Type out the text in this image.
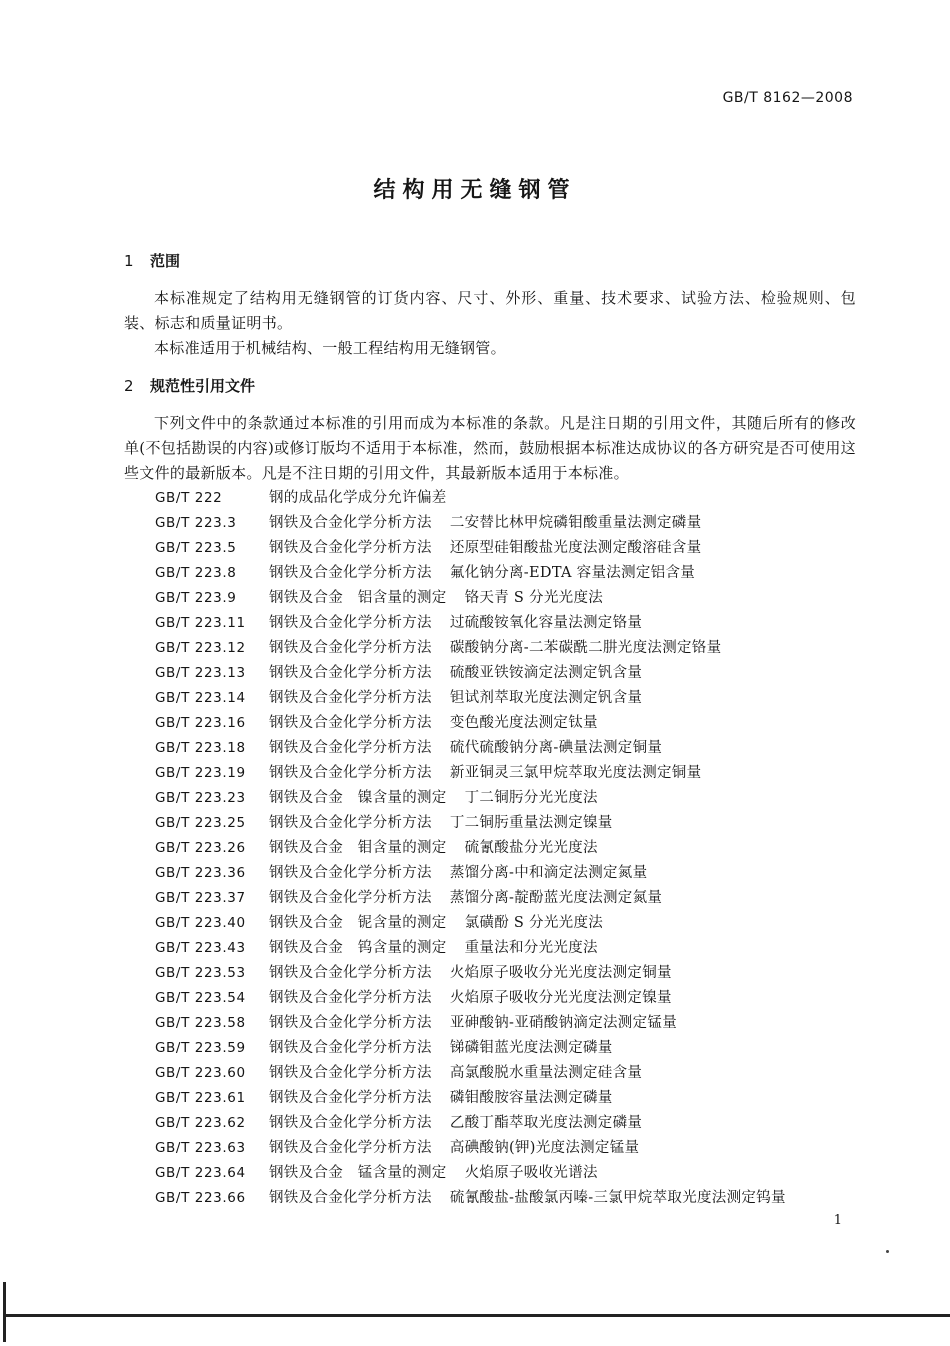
GB/T 8162—2008
结构用无缝钢管
1 范围
本标准规定了结构用无缝钢管的订货内容、尺寸、外形、重量、技术要求、试验方法、检验规则、包装、标志和质量证明书。
本标准适用于机械结构、一般工程结构用无缝钢管。
2 规范性引用文件
下列文件中的条款通过本标准的引用而成为本标准的条款。凡是注日期的引用文件，其随后所有的修改单(不包括勘误的内容)或修订版均不适用于本标准，然而，鼓励根据本标准达成协议的各方研究是否可使用这些文件的最新版本。凡是不注日期的引用文件，其最新版本适用于本标准。
GB/T 222	钢的成品化学成分允许偏差
GB/T 223.3 钢铁及合金化学分析方法 二安替比林甲烷磷钼酸重量法测定磷量
GB/T 223.5 钢铁及合金化学分析方法 还原型硅钼酸盐光度法测定酸溶硅含量
GB/T 223.8 钢铁及合金化学分析方法 氟化钠分离-EDTA 容量法测定铝含量
GB/T 223.9 钢铁及合金　铝含量的测定 铬天青 S 分光光度法
GB/T 223.11 钢铁及合金化学分析方法 过硫酸铵氧化容量法测定铬量
GB/T 223.12 钢铁及合金化学分析方法 碳酸钠分离-二苯碳酰二肼光度法测定铬量
GB/T 223.13 钢铁及合金化学分析方法 硫酸亚铁铵滴定法测定钒含量
GB/T 223.14 钢铁及合金化学分析方法 钽试剂萃取光度法测定钒含量
GB/T 223.16 钢铁及合金化学分析方法 变色酸光度法测定钛量
GB/T 223.18 钢铁及合金化学分析方法 硫代硫酸钠分离-碘量法测定铜量
GB/T 223.19 钢铁及合金化学分析方法 新亚铜灵三氯甲烷萃取光度法测定铜量
GB/T 223.23 钢铁及合金　镍含量的测定 丁二铜肟分光光度法
GB/T 223.25 钢铁及合金化学分析方法 丁二铜肟重量法测定镍量
GB/T 223.26 钢铁及合金　钼含量的测定 硫氰酸盐分光光度法
GB/T 223.36 钢铁及合金化学分析方法 蒸馏分离-中和滴定法测定氮量
GB/T 223.37 钢铁及合金化学分析方法 蒸馏分离-靛酚蓝光度法测定氮量
GB/T 223.40 钢铁及合金　铌含量的测定 氯磺酚 S 分光光度法
GB/T 223.43 钢铁及合金　钨含量的测定 重量法和分光光度法
GB/T 223.53 钢铁及合金化学分析方法 火焰原子吸收分光光度法测定铜量
GB/T 223.54 钢铁及合金化学分析方法 火焰原子吸收分光光度法测定镍量
GB/T 223.58 钢铁及合金化学分析方法 亚砷酸钠-亚硝酸钠滴定法测定锰量
GB/T 223.59 钢铁及合金化学分析方法 锑磷钼蓝光度法测定磷量
GB/T 223.60 钢铁及合金化学分析方法 高氯酸脱水重量法测定硅含量
GB/T 223.61 钢铁及合金化学分析方法 磷钼酸胺容量法测定磷量
GB/T 223.62 钢铁及合金化学分析方法 乙酸丁酯萃取光度法测定磷量
GB/T 223.63 钢铁及合金化学分析方法 高碘酸钠(钾)光度法测定锰量
GB/T 223.64 钢铁及合金　锰含量的测定 火焰原子吸收光谱法
GB/T 223.66 钢铁及合金化学分析方法 硫氰酸盐-盐酸氯丙嗪-三氯甲烷萃取光度法测定钨量
1
